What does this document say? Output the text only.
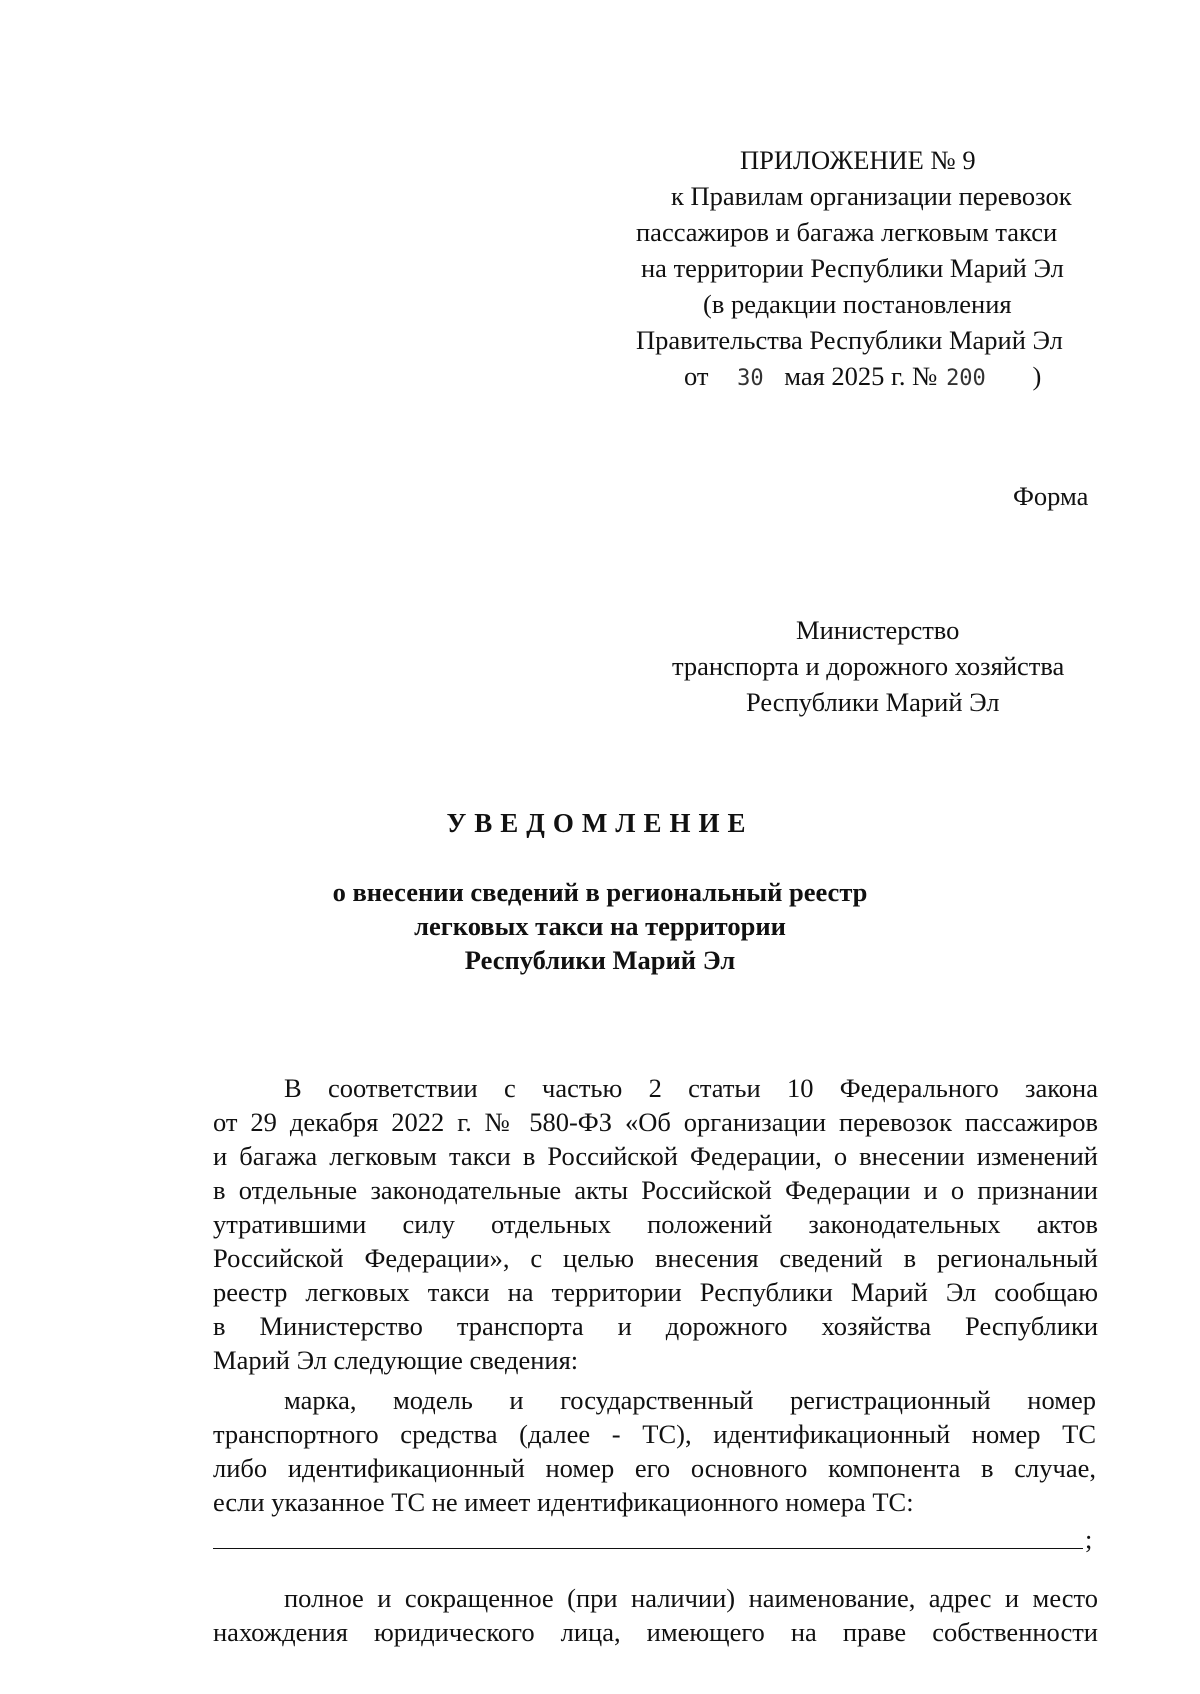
ПРИЛОЖЕНИЕ № 9
к Правилам организации перевозок
пассажиров и багажа легковым такси
на территории Республики Марий Эл
(в редакции постановления
Правительства Республики Марий Эл
от 30 мая 2025 г. № 200 )
Форма
Министерство
транспорта и дорожного хозяйства
Республики Марий Эл
УВЕДОМЛЕНИЕ
о внесении сведений в региональный реестр
легковых такси на территории
Республики Марий Эл
В соответствии с частью 2 статьи 10 Федерального закона
от 29 декабря 2022 г. № 580-ФЗ «Об организации перевозок пассажиров
и багажа легковым такси в Российской Федерации, о внесении изменений
в отдельные законодательные акты Российской Федерации и о признании
утратившими силу отдельных положений законодательных актов
Российской Федерации», с целью внесения сведений в региональный
реестр легковых такси на территории Республики Марий Эл сообщаю
в Министерство транспорта и дорожного хозяйства Республики
Марий Эл следующие сведения:
марка, модель и государственный регистрационный номер
транспортного средства (далее - ТС), идентификационный номер ТС
либо идентификационный номер его основного компонента в случае,
если указанное ТС не имеет идентификационного номера ТС:
;
полное и сокращенное (при наличии) наименование, адрес и место
нахождения юридического лица, имеющего на праве собственности
